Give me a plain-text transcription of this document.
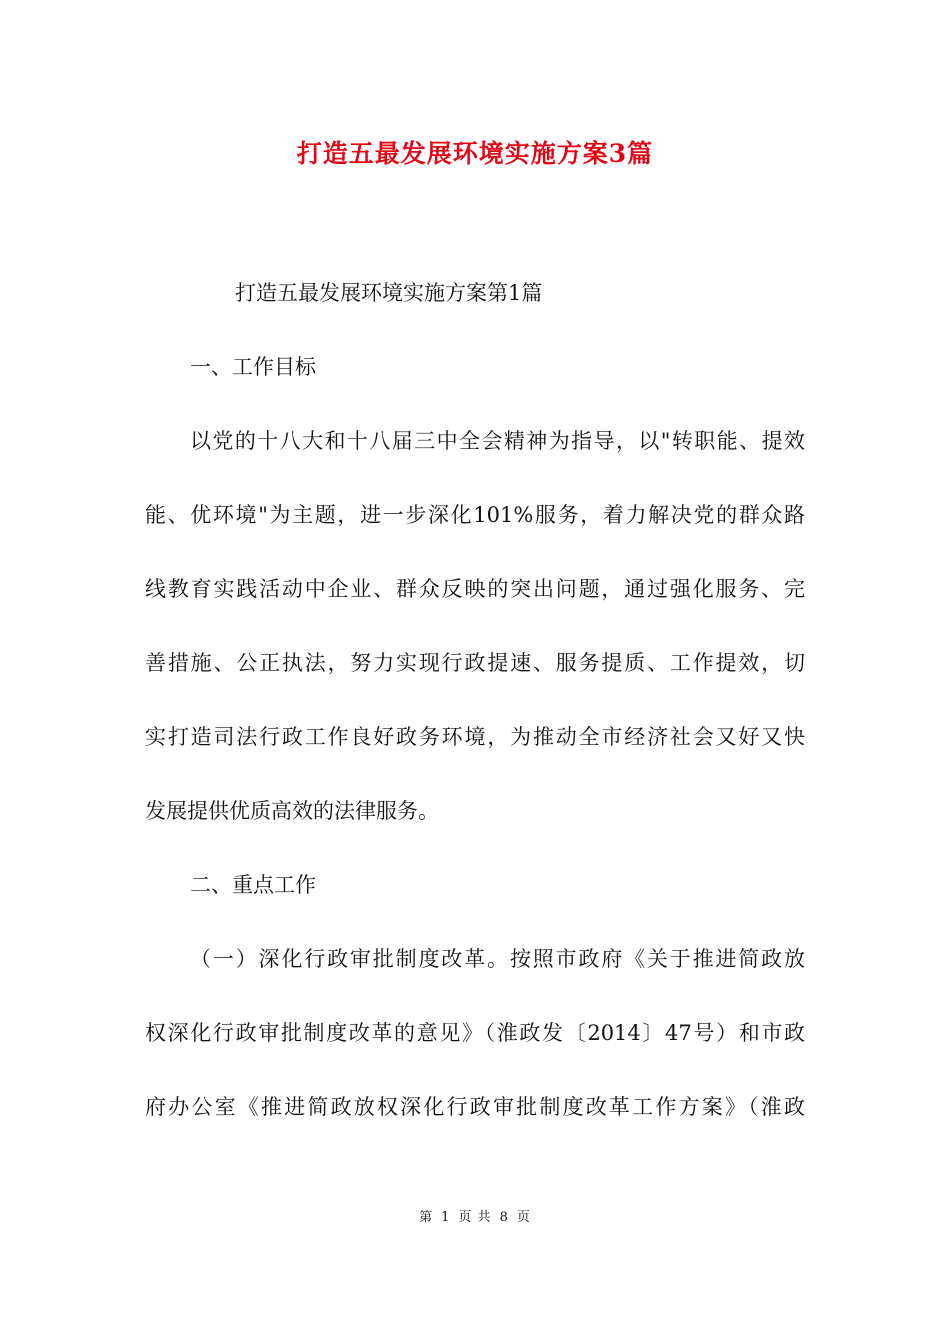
打造五最发展环境实施方案3篇

打造五最发展环境实施方案第1篇

一、工作目标

以党的十八大和十八届三中全会精神为指导，以"转职能、提效

能、优环境"为主题，进一步深化101%服务，着力解决党的群众路

线教育实践活动中企业、群众反映的突出问题，通过强化服务、完

善措施、公正执法，努力实现行政提速、服务提质、工作提效，切

实打造司法行政工作良好政务环境，为推动全市经济社会又好又快

发展提供优质高效的法律服务。

二、重点工作

（一）深化行政审批制度改革。按照市政府《关于推进简政放

权深化行政审批制度改革的意见》（淮政发〔2014〕47号）和市政

府办公室《推进简政放权深化行政审批制度改革工作方案》（淮政

第 1 页 共 8 页
